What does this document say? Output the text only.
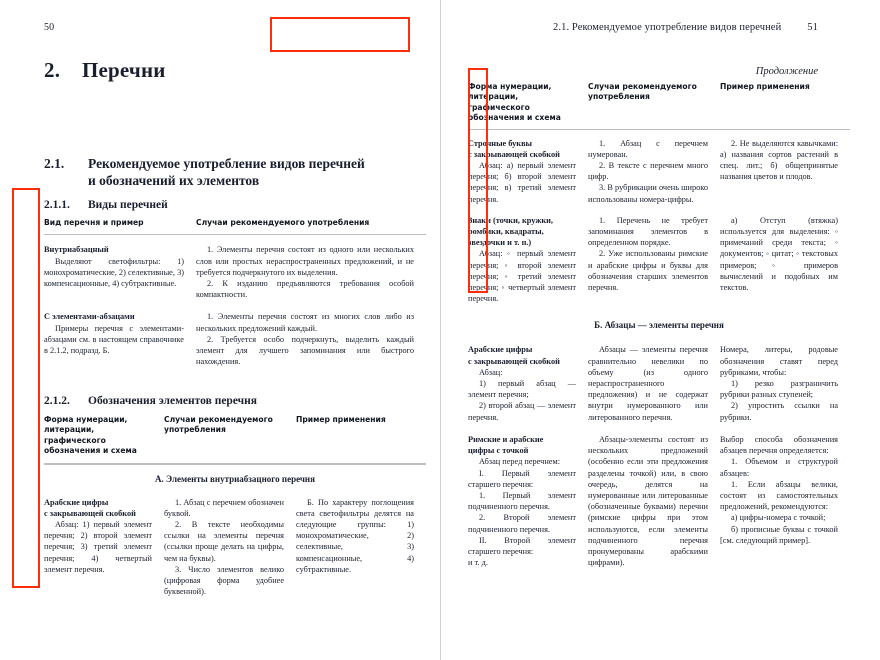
50
2. Перечни
2.1. Рекомендуемое употребление видов перечней
и обозначений их элементов
2.1.1. Виды перечней
Вид перечня и пример	Случаи рекомендуемого употребления

Внутриабзацный

Выделяют светофильтры: 1) монохроматические, 2) селективные, 3) компенсационные, 4) субтрактивные.

1. Элементы перечня состоят из одного или нескольких слов или простых нераспространенных предложений, и не требуется подчеркнутого их выделения.

2. К изданию предъявляются требования особой компактности.

С элементами-абзацами

Примеры перечня с элементами-абзацами см. в настоящем справочнике в 2.1.2, подразд. Б.

1. Элементы перечня состоят из многих слов либо из нескольких предложений каждый.

2. Требуется особо подчеркнуть, выделить каждый элемент для лучшего запоминания или быстрого нахождения.

2.1.2. Обозначения элементов перечня
Форма нумерации, литерации, графического обозначения и схема
Случаи рекомендуемого употребления
Пример применения
А. Элементы внутриабзацного перечня

Арабские цифры

с закрывающей скобкой

Абзац: 1) первый элемент перечня; 2) второй элемент перечня; 3) третий элемент перечня; 4) четвертый элемент перечня.

1. Абзац с перечнем обозначен буквой.

2. В тексте необходимы ссылки на элементы перечня (ссылки проще делать на цифры, чем на буквы).

3. Число элементов велико (цифровая форма удобнее буквенной).

Б. По характеру поглощения света светофильтры делятся на следующие группы: 1) монохроматические, 2) селективные, 3) компенсационные, 4) субтрактивные.

2.1. Рекомендуемое употребление видов перечней 51
Продолжение
Форма нумерации, литерации, графического обозначения и схема
Случаи рекомендуемого употребления
Пример применения

Строчные буквы

с закрывающей скобкой

Абзац: а) первый элемент перечня; б) второй элемент перечня; в) третий элемент перечня.

1. Абзац с перечнем нумерован.

2. В тексте с перечнем много цифр.

3. В рубрикации очень широко использованы номера-цифры.

2. Не выделяются кавычками: а) названия сортов растений в спец. лит.; б) общепринятые названия цветов и плодов.

Знаки (точки, кружки,

ромбики, квадраты,

звездочки и т. п.)

Абзац: ◦ первый элемент перечня; ◦ второй элемент перечня; ◦ третий элемент перечня; ◦ четвертый элемент перечня.

1. Перечень не требует запоминания элементов в определенном порядке.

2. Уже использованы римские и арабские цифры и буквы для обозначения старших элементов перечня.

а) Отступ (втяжка) используется для выделения: ◦ примечаний среди текста; ◦ документов; ◦ цитат; ◦ текстовых примеров; ◦ примеров вычислений и подобных им текстов.

Б. Абзацы — элементы перечня

Арабские цифры

с закрывающей скобкой

Абзац:

1) первый абзац — элемент перечня;

2) второй абзац — элемент перечня.

Абзацы — элементы перечня сравнительно невелики по объему (из одного нераспространенного предложения) и не содержат внутри нумерованного или литерованного перечня.

Номера, литеры, родовые обозначения ставят перед рубриками, чтобы:

1) резко разграничить рубрики разных ступеней;

2) упростить ссылки на рубрики.

Римские и арабские

цифры с точкой

Абзац перед перечнем:

I. Первый элемент старшего перечня:

1. Первый элемент подчиненного перечня.

2. Второй элемент подчиненного перечня.

II. Второй элемент старшего перечня:

и т. д.

Абзацы-элементы состоят из нескольких предложений (особенно если эти предложения разделены точкой) или, в свою очередь, делятся на нумерованные или литерованные (обозначенные буквами) перечни (римские цифры при этом используются, если элементы подчиненного перечня пронумерованы арабскими цифрами).

Выбор способа обозначения абзацев перечня определяется:

1. Объемом и структурой абзацев:

1. Если абзацы велики, состоят из самостоятельных предложений, рекомендуются:

а) цифры-номера с точкой;

б) прописные буквы с точкой [см. следующий пример].
